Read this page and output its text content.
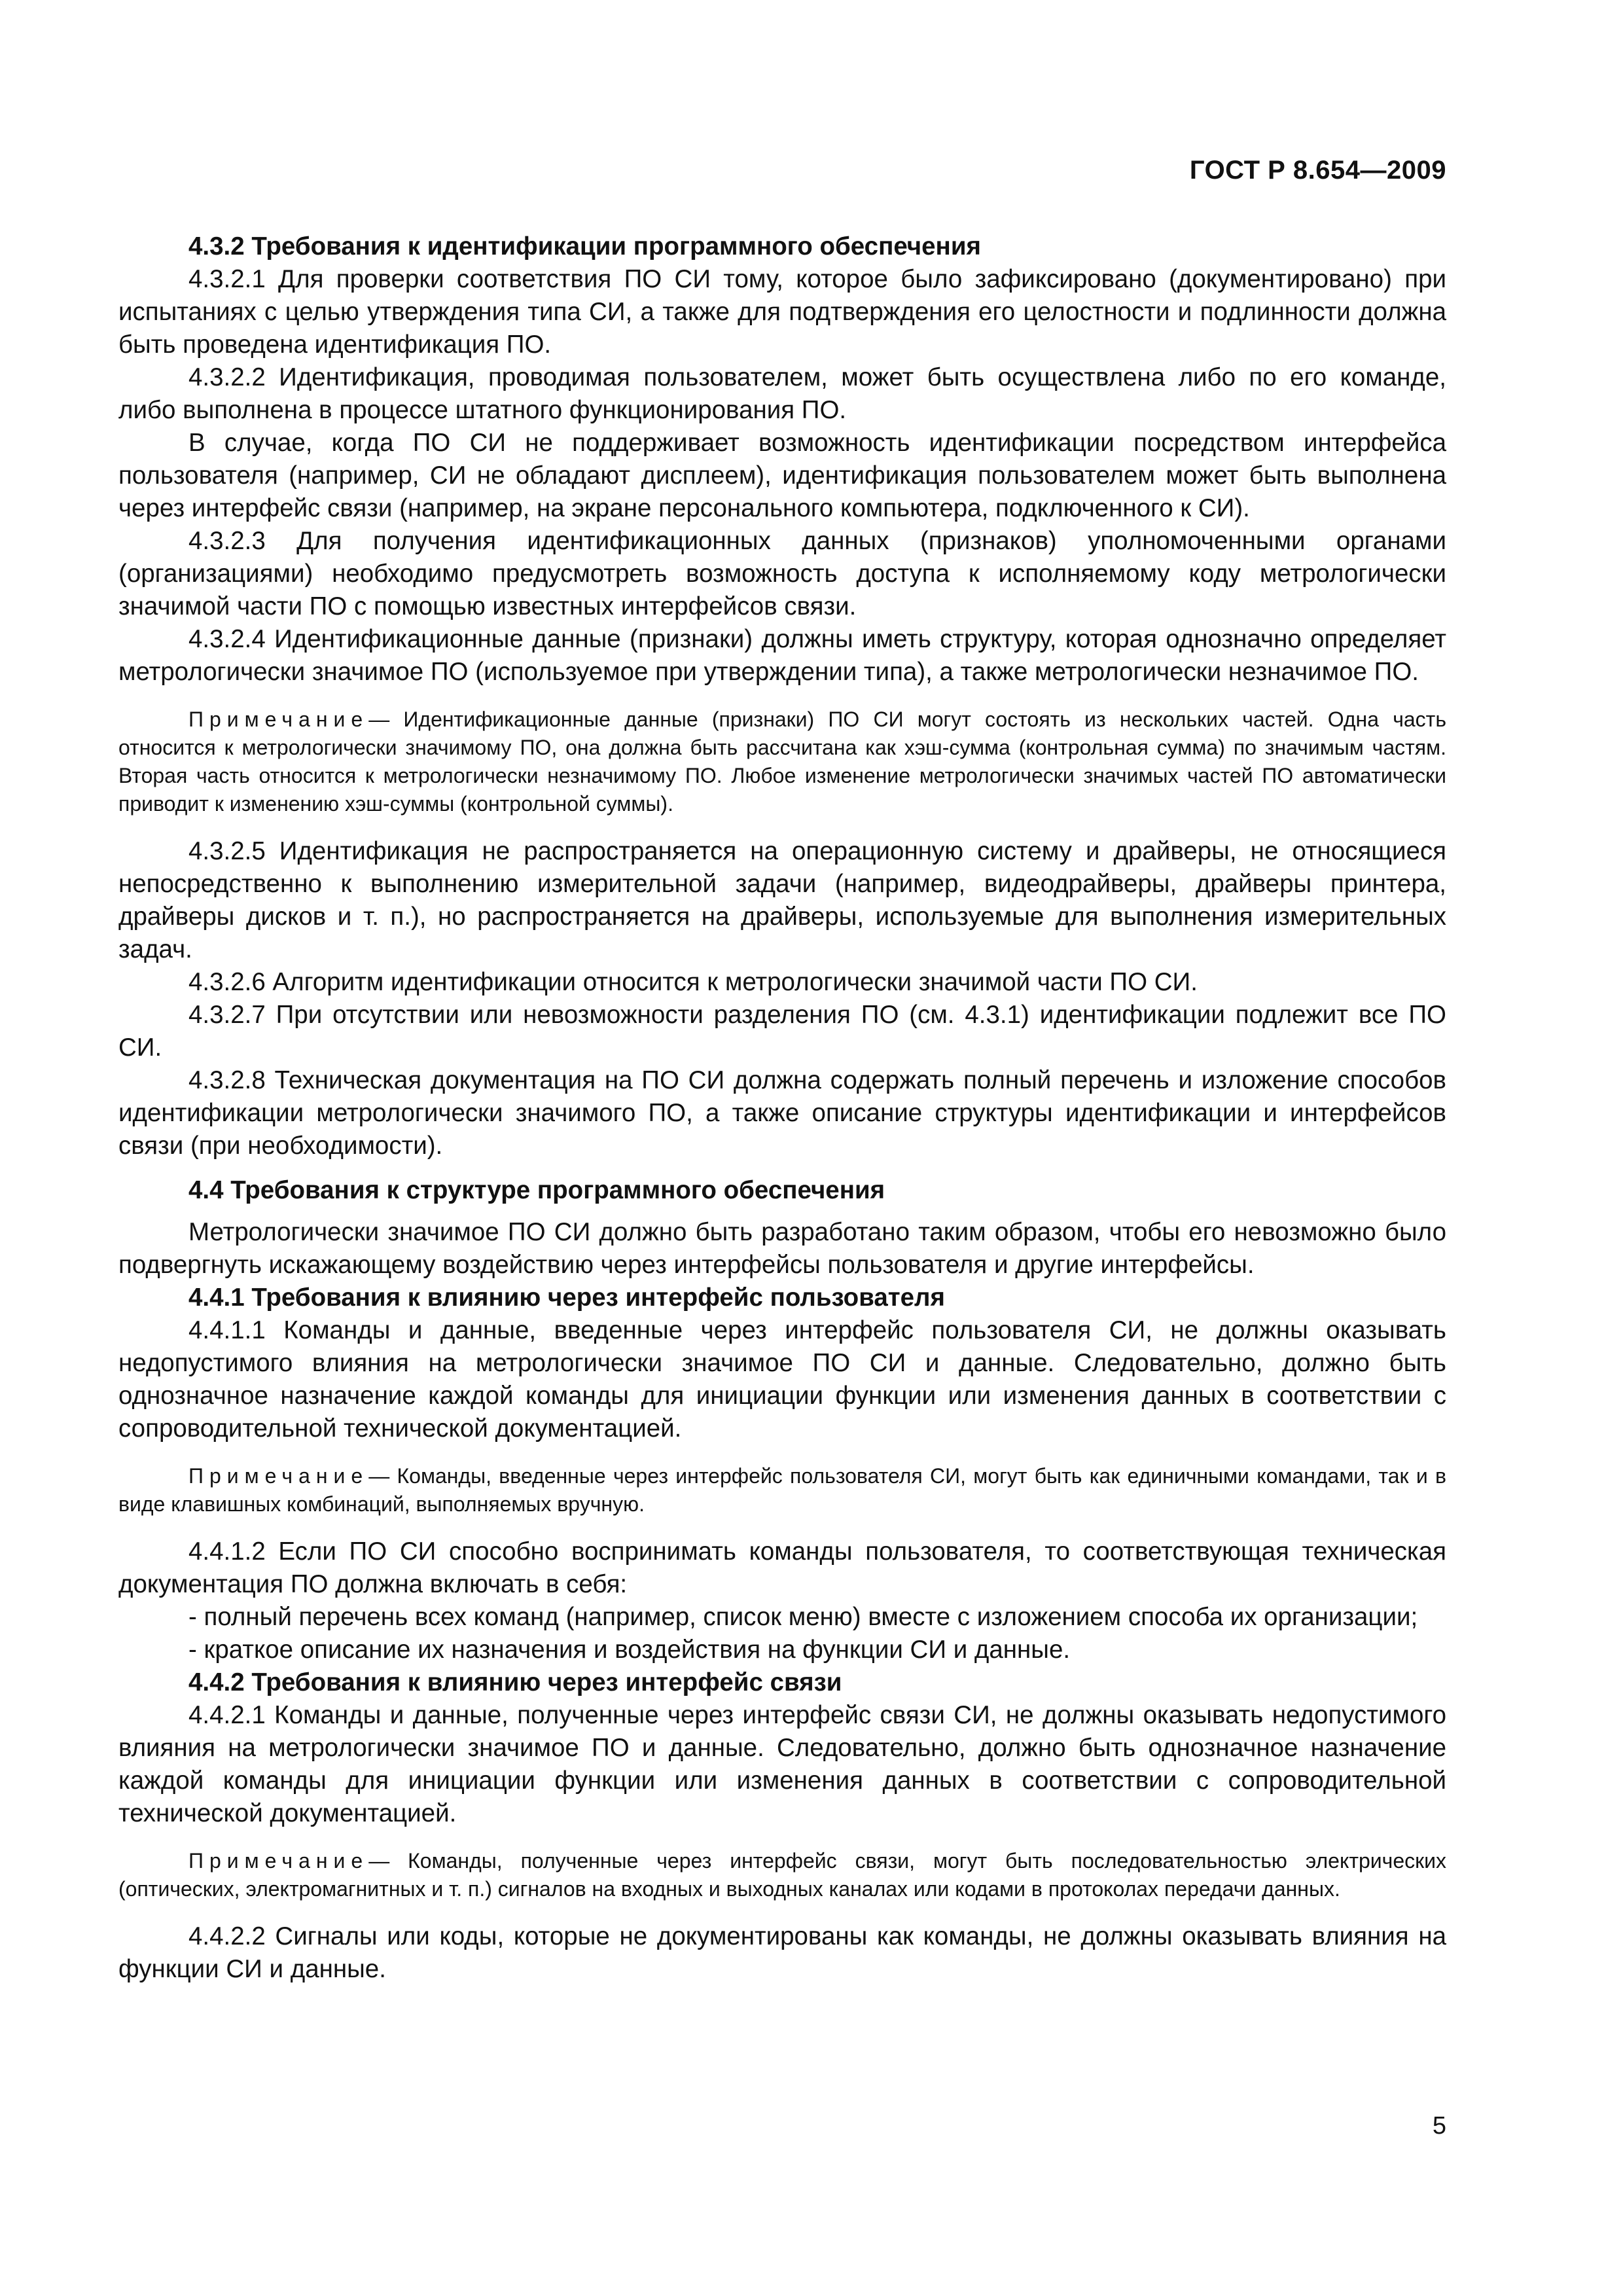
ГОСТ Р 8.654—2009
4.3.2 Требования к идентификации программного обеспечения

4.3.2.1 Для проверки соответствия ПО СИ тому, которое было зафиксировано (документировано) при испытаниях с целью утверждения типа СИ, а также для подтверждения его целостности и подлинности должна быть проведена идентификация ПО.

4.3.2.2 Идентификация, проводимая пользователем, может быть осуществлена либо по его команде, либо выполнена в процессе штатного функционирования ПО.

В случае, когда ПО СИ не поддерживает возможность идентификации посредством интерфейса пользователя (например, СИ не обладают дисплеем), идентификация пользователем может быть выполнена через интерфейс связи (например, на экране персонального компьютера, подключенного к СИ).

4.3.2.3 Для получения идентификационных данных (признаков) уполномоченными органами (организациями) необходимо предусмотреть возможность доступа к исполняемому коду метрологически значимой части ПО с помощью известных интерфейсов связи.

4.3.2.4 Идентификационные данные (признаки) должны иметь структуру, которая однозначно определяет метрологически значимое ПО (используемое при утверждении типа), а также метрологически незначимое ПО.

Примечание— Идентификационные данные (признаки) ПО СИ могут состоять из нескольких частей. Одна часть относится к метрологически значимому ПО, она должна быть рассчитана как хэш-сумма (контрольная сумма) по значимым частям. Вторая часть относится к метрологически незначимому ПО. Любое изменение метрологически значимых частей ПО автоматически приводит к изменению хэш-суммы (контрольной суммы).

4.3.2.5 Идентификация не распространяется на операционную систему и драйверы, не относящиеся непосредственно к выполнению измерительной задачи (например, видеодрайверы, драйверы принтера, драйверы дисков и т. п.), но распространяется на драйверы, используемые для выполнения измерительных задач.

4.3.2.6 Алгоритм идентификации относится к метрологически значимой части ПО СИ.

4.3.2.7 При отсутствии или невозможности разделения ПО (см. 4.3.1) идентификации подлежит все ПО СИ.

4.3.2.8 Техническая документация на ПО СИ должна содержать полный перечень и изложение способов идентификации метрологически значимого ПО, а также описание структуры идентификации и интерфейсов связи (при необходимости).

4.4 Требования к структуре программного обеспечения

Метрологически значимое ПО СИ должно быть разработано таким образом, чтобы его невозможно было подвергнуть искажающему воздействию через интерфейсы пользователя и другие интерфейсы.

4.4.1 Требования к влиянию через интерфейс пользователя

4.4.1.1 Команды и данные, введенные через интерфейс пользователя СИ, не должны оказывать недопустимого влияния на метрологически значимое ПО СИ и данные. Следовательно, должно быть однозначное назначение каждой команды для инициации функции или изменения данных в соответствии с сопроводительной технической документацией.

Примечание— Команды, введенные через интерфейс пользователя СИ, могут быть как единичными командами, так и в виде клавишных комбинаций, выполняемых вручную.

4.4.1.2 Если ПО СИ способно воспринимать команды пользователя, то соответствующая техническая документация ПО должна включать в себя:

- полный перечень всех команд (например, список меню) вместе с изложением способа их организации;

- краткое описание их назначения и воздействия на функции СИ и данные.

4.4.2 Требования к влиянию через интерфейс связи

4.4.2.1 Команды и данные, полученные через интерфейс связи СИ, не должны оказывать недопустимого влияния на метрологически значимое ПО и данные. Следовательно, должно быть однозначное назначение каждой команды для инициации функции или изменения данных в соответствии с сопроводительной технической документацией.

Примечание— Команды, полученные через интерфейс связи, могут быть последовательностью электрических (оптических, электромагнитных и т. п.) сигналов на входных и выходных каналах или кодами в протоколах передачи данных.

4.4.2.2 Сигналы или коды, которые не документированы как команды, не должны оказывать влияния на функции СИ и данные.

5
